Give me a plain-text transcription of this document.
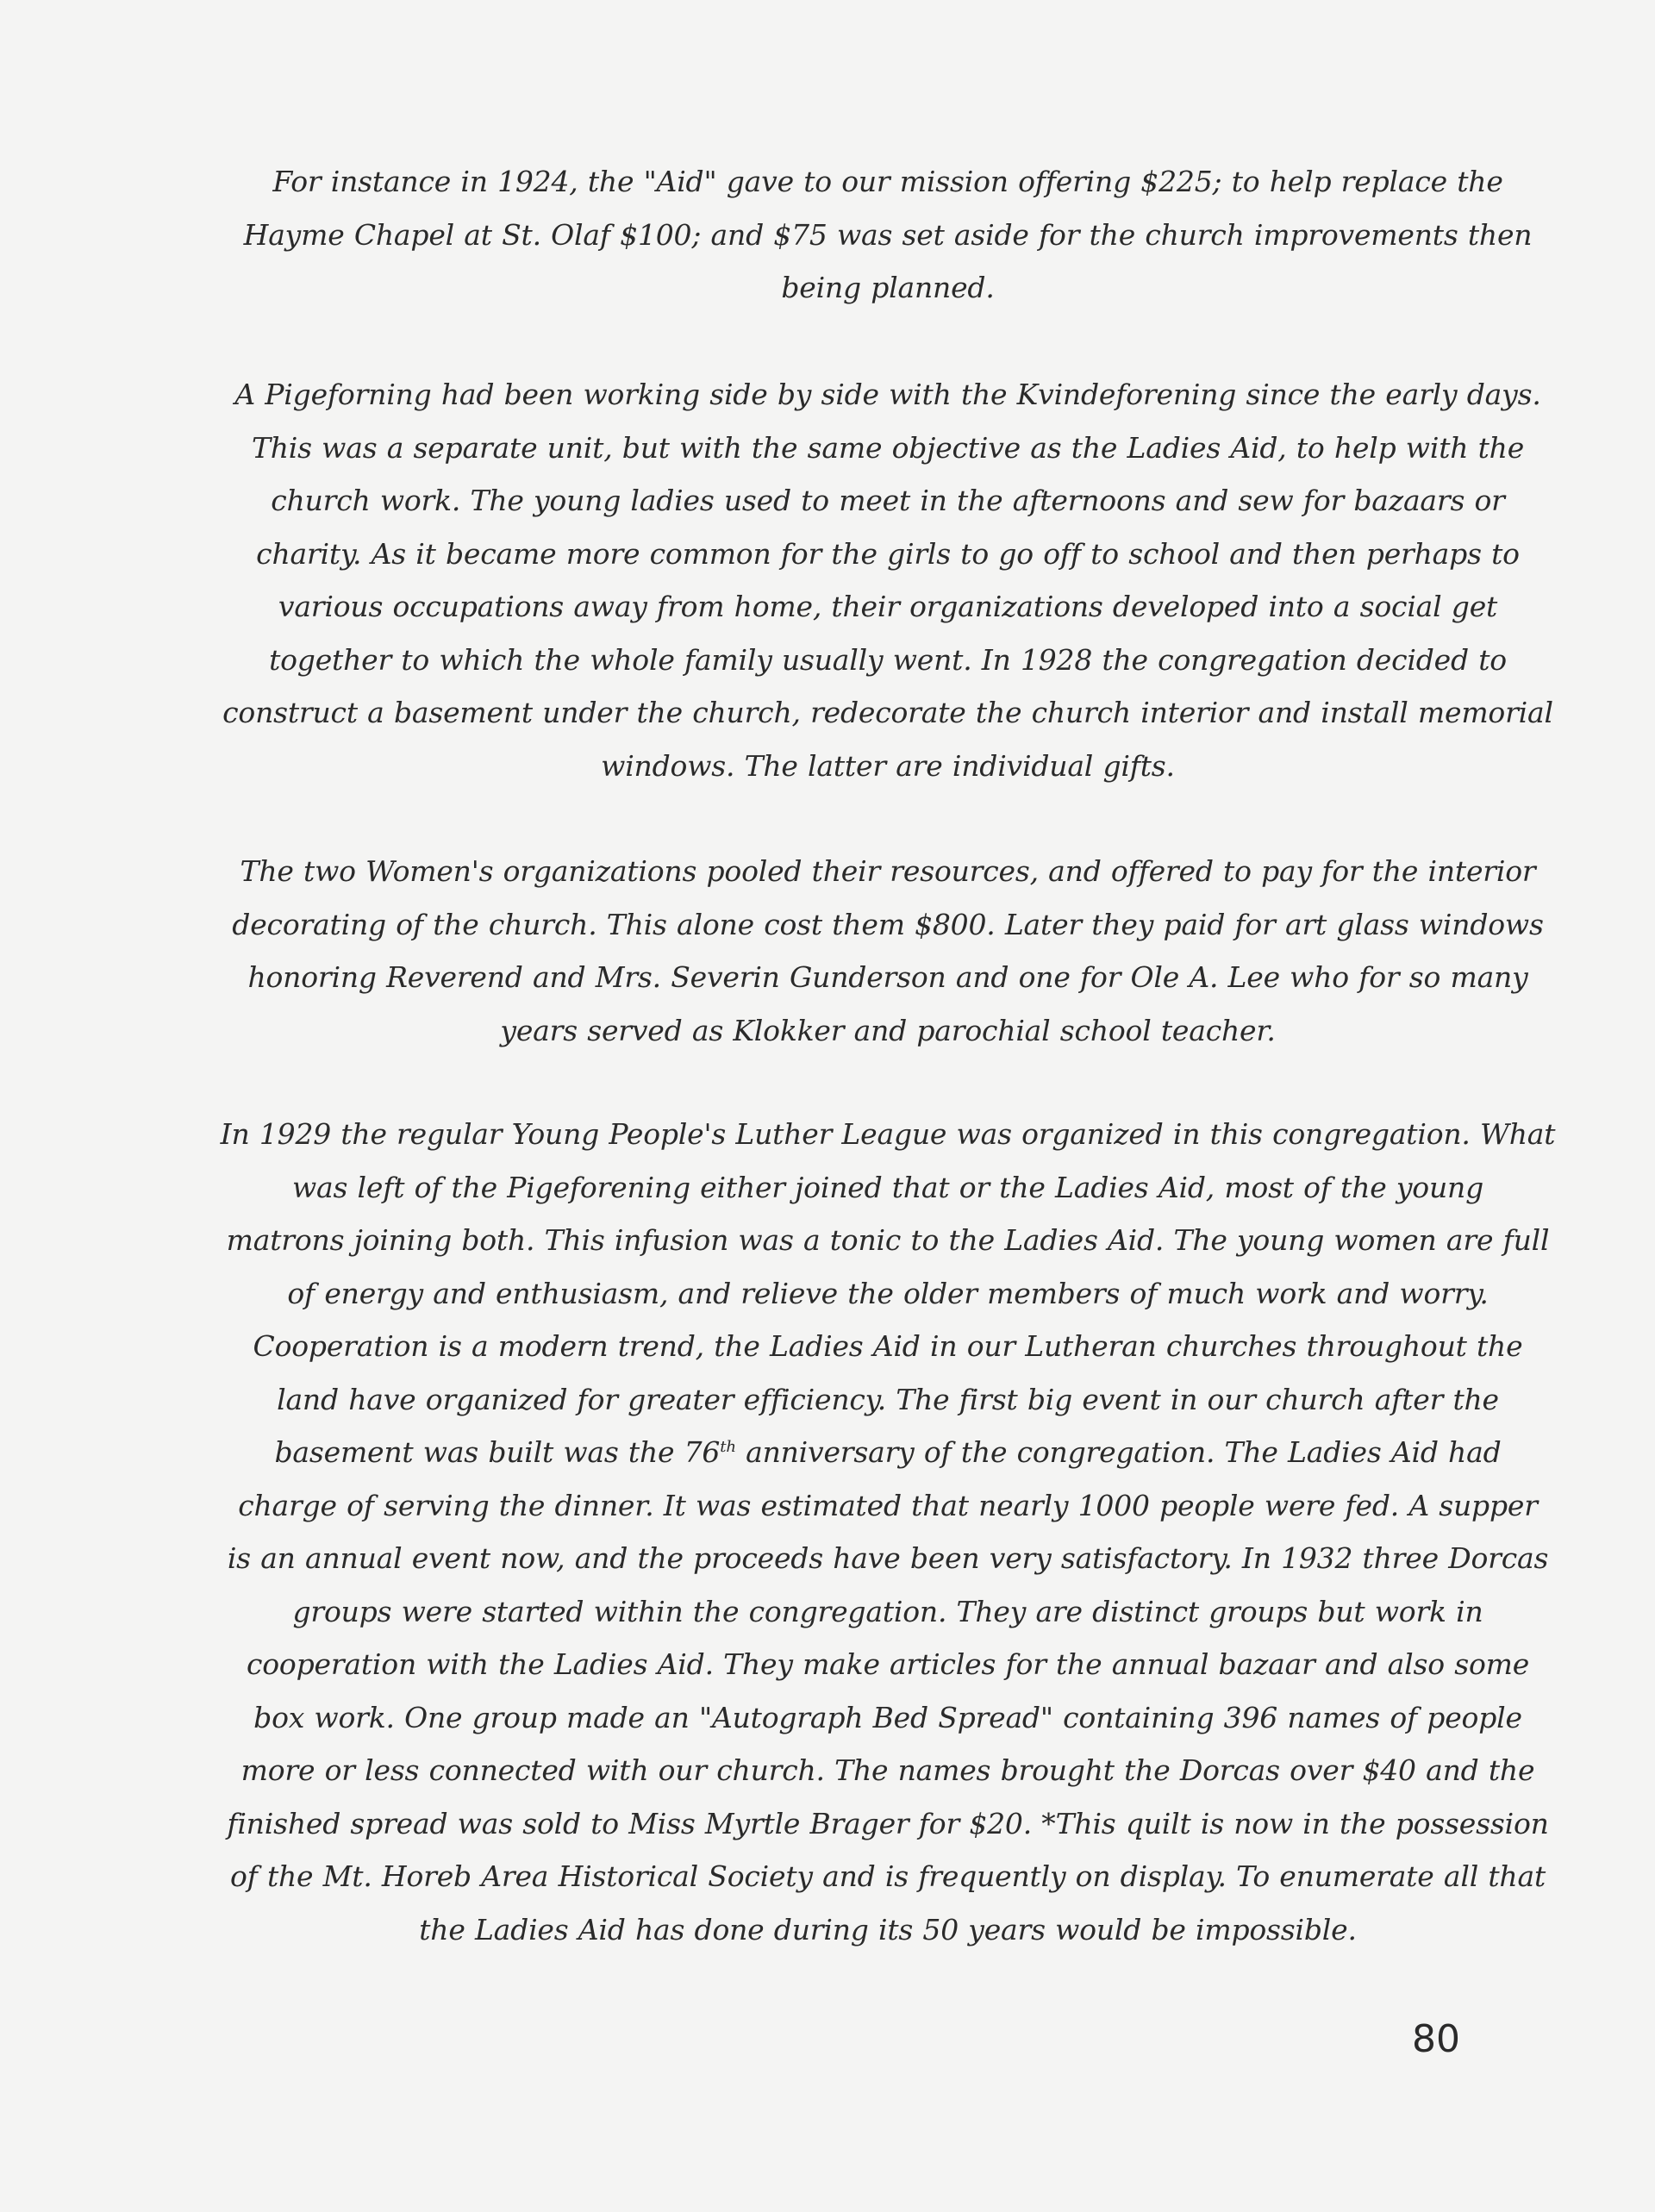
For instance in 1924, the "Aid" gave to our mission offering $225; to help replace the
Hayme Chapel at St. Olaf $100; and $75 was set aside for the church improvements then
being planned.
A Pigeforning had been working side by side with the Kvindeforening since the early days.
This was a separate unit, but with the same objective as the Ladies Aid, to help with the
church work. The young ladies used to meet in the afternoons and sew for bazaars or
charity. As it became more common for the girls to go off to school and then perhaps to
various occupations away from home, their organizations developed into a social get
together to which the whole family usually went. In 1928 the congregation decided to
construct a basement under the church, redecorate the church interior and install memorial
windows. The latter are individual gifts.
The two Women's organizations pooled their resources, and offered to pay for the interior
decorating of the church. This alone cost them $800. Later they paid for art glass windows
honoring Reverend and Mrs. Severin Gunderson and one for Ole A. Lee who for so many
years served as Klokker and parochial school teacher.
In 1929 the regular Young People's Luther League was organized in this congregation. What
was left of the Pigeforening either joined that or the Ladies Aid, most of the young
matrons joining both. This infusion was a tonic to the Ladies Aid. The young women are full
of energy and enthusiasm, and relieve the older members of much work and worry.
Cooperation is a modern trend, the Ladies Aid in our Lutheran churches throughout the
land have organized for greater efficiency. The first big event in our church after the
basement was built was the 76th anniversary of the congregation. The Ladies Aid had
charge of serving the dinner. It was estimated that nearly 1000 people were fed. A supper
is an annual event now, and the proceeds have been very satisfactory. In 1932 three Dorcas
groups were started within the congregation. They are distinct groups but work in
cooperation with the Ladies Aid. They make articles for the annual bazaar and also some
box work. One group made an "Autograph Bed Spread" containing 396 names of people
more or less connected with our church. The names brought the Dorcas over $40 and the
finished spread was sold to Miss Myrtle Brager for $20. *This quilt is now in the possession
of the Mt. Horeb Area Historical Society and is frequently on display. To enumerate all that
the Ladies Aid has done during its 50 years would be impossible.
80
